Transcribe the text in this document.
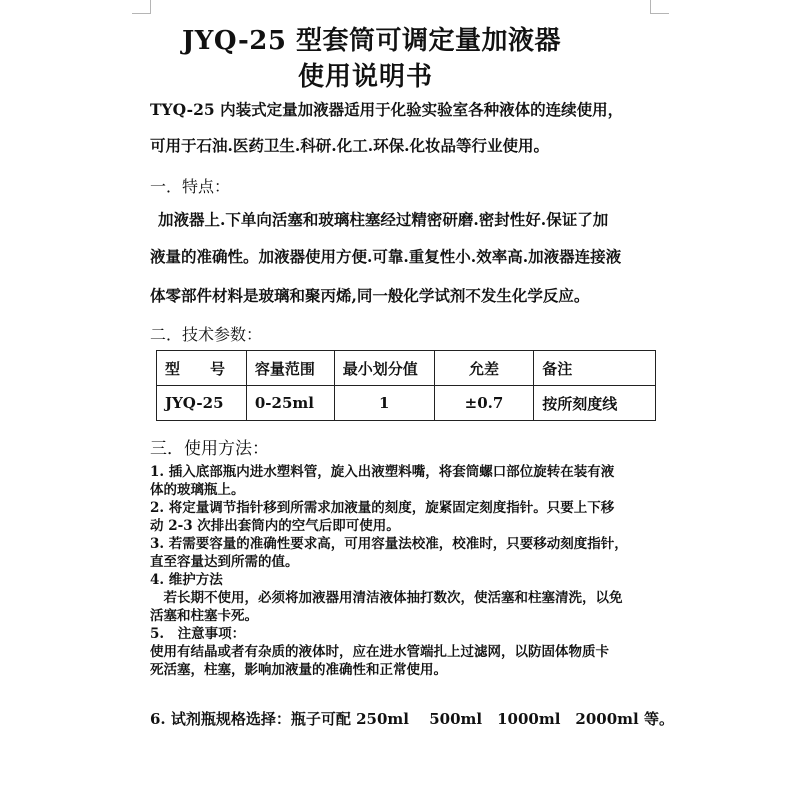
JYQ-25 型套筒可调定量加液器
使用说明书
TYQ-25 内装式定量加液器适用于化验实验室各种液体的连续使用，
可用于石油.医药卫生.科研.化工.环保.化妆品等行业使用。
一．特点：
加液器上.下单向活塞和玻璃柱塞经过精密研磨.密封性好.保证了加
液量的准确性。加液器使用方便.可靠.重复性小.效率高.加液器连接液
体零部件材料是玻璃和聚丙烯,同一般化学试剂不发生化学反应。
二．技术参数：
型　　号	容量范围	最小划分值	允差	备注
JYQ-25	0-25ml	1	±0.7	按所刻度线
三．使用方法：
1. 插入底部瓶内进水塑料管，旋入出液塑料嘴，将套筒螺口部位旋转在装有液
体的玻璃瓶上。
2. 将定量调节指针移到所需求加液量的刻度，旋紧固定刻度指针。只要上下移
动 2-3 次排出套筒内的空气后即可使用。
3. 若需要容量的准确性要求高，可用容量法校准，校准时，只要移动刻度指针，
直至容量达到所需的值。
4. 维护方法
　若长期不使用，必须将加液器用清洁液体抽打数次，使活塞和柱塞清洗，以免
活塞和柱塞卡死。
5.　注意事项：
使用有结晶或者有杂质的液体时，应在进水管端扎上过滤网，以防固体物质卡
死活塞，柱塞，影响加液量的准确性和正常使用。
6. 试剂瓶规格选择：瓶子可配 250ml　 500ml　1000ml　2000ml 等。
